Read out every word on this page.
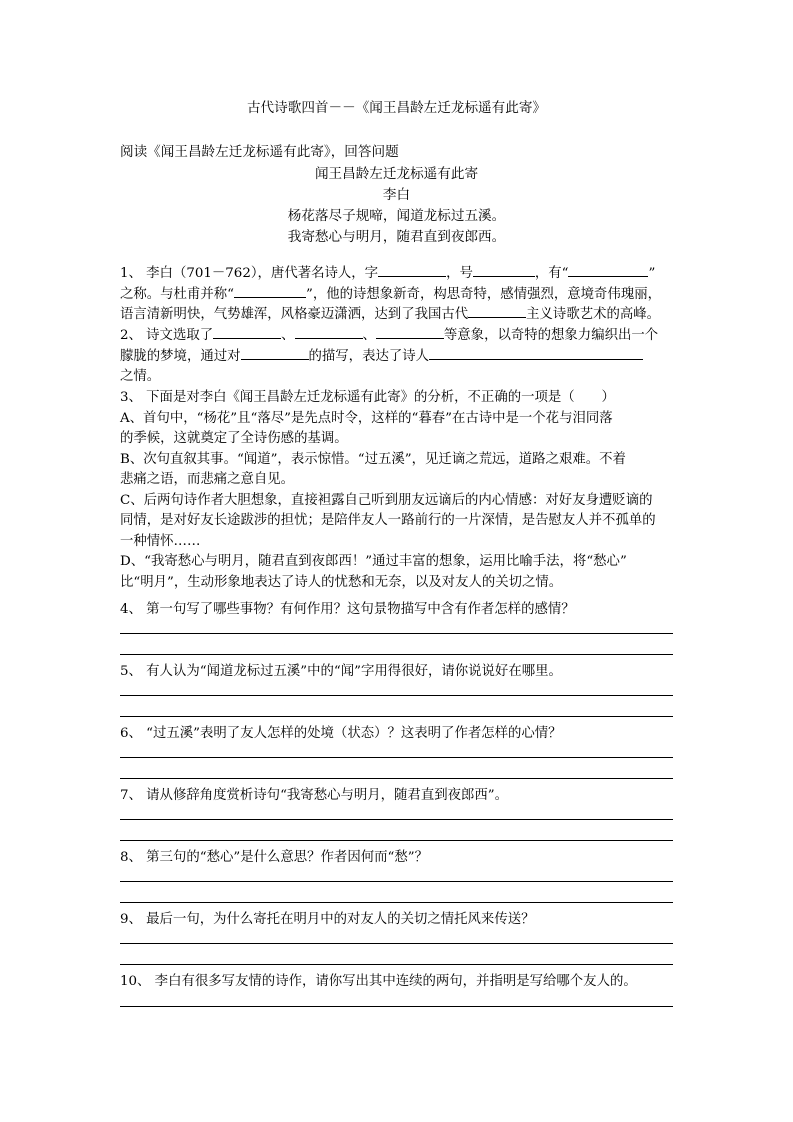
古代诗歌四首－－《闻王昌龄左迁龙标遥有此寄》
阅读《闻王昌龄左迁龙标遥有此寄》，回答问题
闻王昌龄左迁龙标遥有此寄
李白
杨花落尽子规啼，闻道龙标过五溪。
我寄愁心与明月，随君直到夜郎西。
1、 李白（701－762），唐代著名诗人，字	，号	，有“	”
之称。与杜甫并称“	”，他的诗想象新奇，构思奇特，感情强烈，意境奇伟瑰丽，
语言清新明快，气势雄浑，风格豪迈潇洒，达到了我国古代	主义诗歌艺术的高峰。
2、 诗文选取了	、	、	等意象，以奇特的想象力编织出一个
朦胧的梦境，通过对	的描写，表达了诗人
之情。
3、 下面是对李白《闻王昌龄左迁龙标遥有此寄》的分析，不正确的一项是（　　）
A、首句中，“杨花”且“落尽”是先点时令，这样的“暮春”在古诗中是一个花与泪同落
的季候，这就奠定了全诗伤感的基调。
B、次句直叙其事。“闻道”，表示惊惜。“过五溪”，见迁谪之荒远，道路之艰难。不着
悲痛之语，而悲痛之意自见。
C、后两句诗作者大胆想象，直接袒露自己听到朋友远谪后的内心情感：对好友身遭贬谪的
同情，是对好友长途跋涉的担忧；是陪伴友人一路前行的一片深情，是告慰友人并不孤单的
一种情怀……
D、“我寄愁心与明月，随君直到夜郎西！”通过丰富的想象，运用比喻手法，将“愁心”
比“明月”，生动形象地表达了诗人的忧愁和无奈，以及对友人的关切之情。
4、 第一句写了哪些事物？有何作用？这句景物描写中含有作者怎样的感情？
5、 有人认为“闻道龙标过五溪”中的“闻”字用得很好，请你说说好在哪里。
6、 “过五溪”表明了友人怎样的处境（状态）？这表明了作者怎样的心情？
7、 请从修辞角度赏析诗句“我寄愁心与明月，随君直到夜郎西”。
8、 第三句的“愁心”是什么意思？作者因何而“愁”？
9、 最后一句，为什么寄托在明月中的对友人的关切之情托风来传送？
10、 李白有很多写友情的诗作，请你写出其中连续的两句，并指明是写给哪个友人的。
